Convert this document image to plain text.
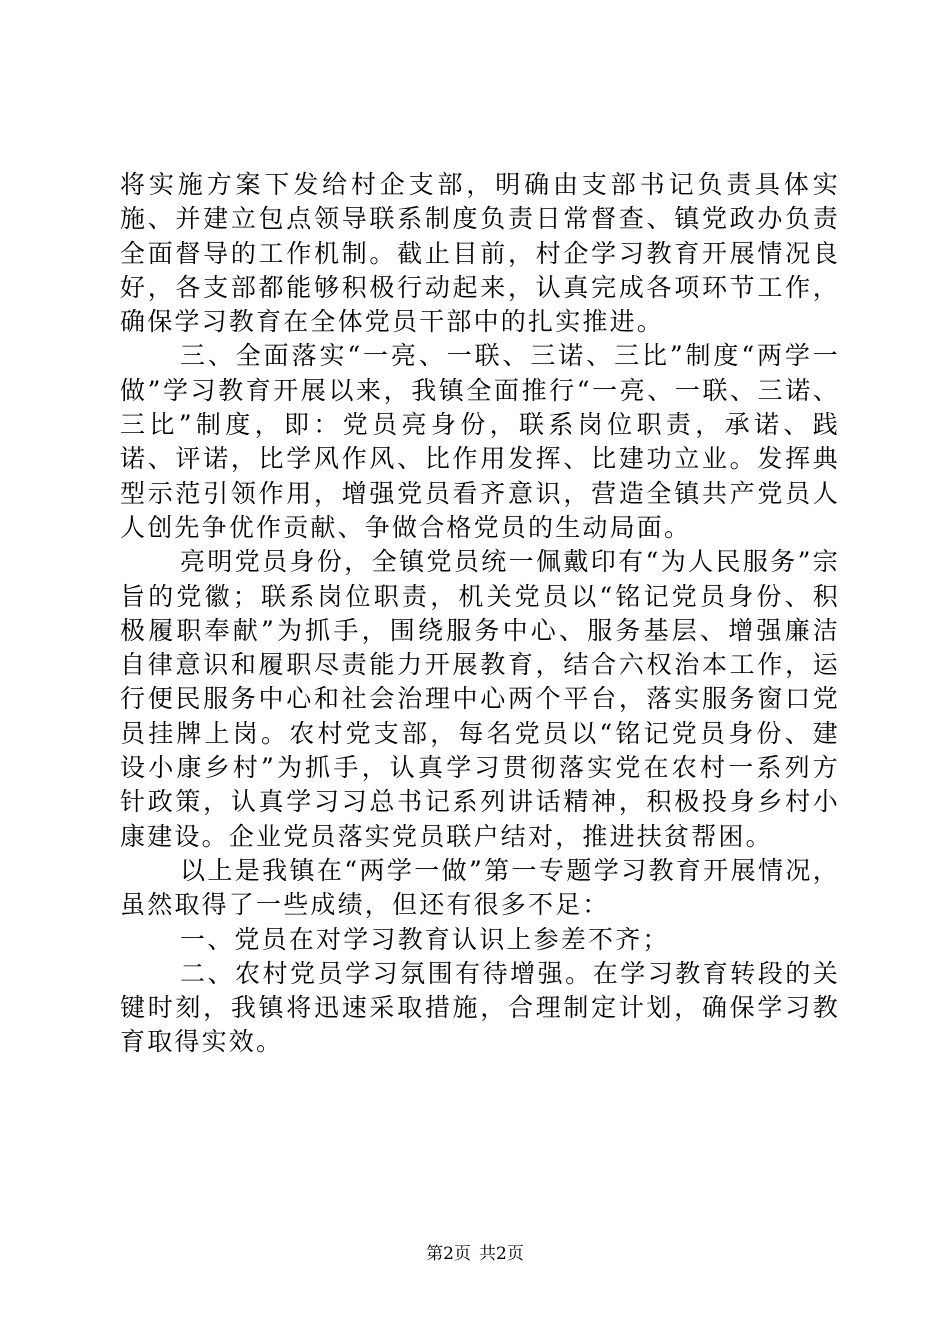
将实施方案下发给村企支部，明确由支部书记负责具体实施、并建立包点领导联系制度负责日常督查、镇党政办负责全面督导的工作机制。截止目前，村企学习教育开展情况良好，各支部都能够积极行动起来，认真完成各项环节工作，确保学习教育在全体党员干部中的扎实推进。

三、全面落实“一亮、一联、三诺、三比”制度“两学一做”学习教育开展以来，我镇全面推行“一亮、一联、三诺、三比”制度，即：党员亮身份，联系岗位职责，承诺、践诺、评诺，比学风作风、比作用发挥、比建功立业。发挥典型示范引领作用，增强党员看齐意识，营造全镇共产党员人人创先争优作贡献、争做合格党员的生动局面。

亮明党员身份，全镇党员统一佩戴印有“为人民服务”宗旨的党徽；联系岗位职责，机关党员以“铭记党员身份、积极履职奉献”为抓手，围绕服务中心、服务基层、增强廉洁自律意识和履职尽责能力开展教育，结合六权治本工作，运行便民服务中心和社会治理中心两个平台，落实服务窗口党员挂牌上岗。农村党支部，每名党员以“铭记党员身份、建设小康乡村”为抓手，认真学习贯彻落实党在农村一系列方针政策，认真学习习总书记系列讲话精神，积极投身乡村小康建设。企业党员落实党员联户结对，推进扶贫帮困。

以上是我镇在“两学一做”第一专题学习教育开展情况，虽然取得了一些成绩，但还有很多不足：

一、党员在对学习教育认识上参差不齐；

二、农村党员学习氛围有待增强。在学习教育转段的关键时刻，我镇将迅速采取措施，合理制定计划，确保学习教育取得实效。

第2页 共2页
